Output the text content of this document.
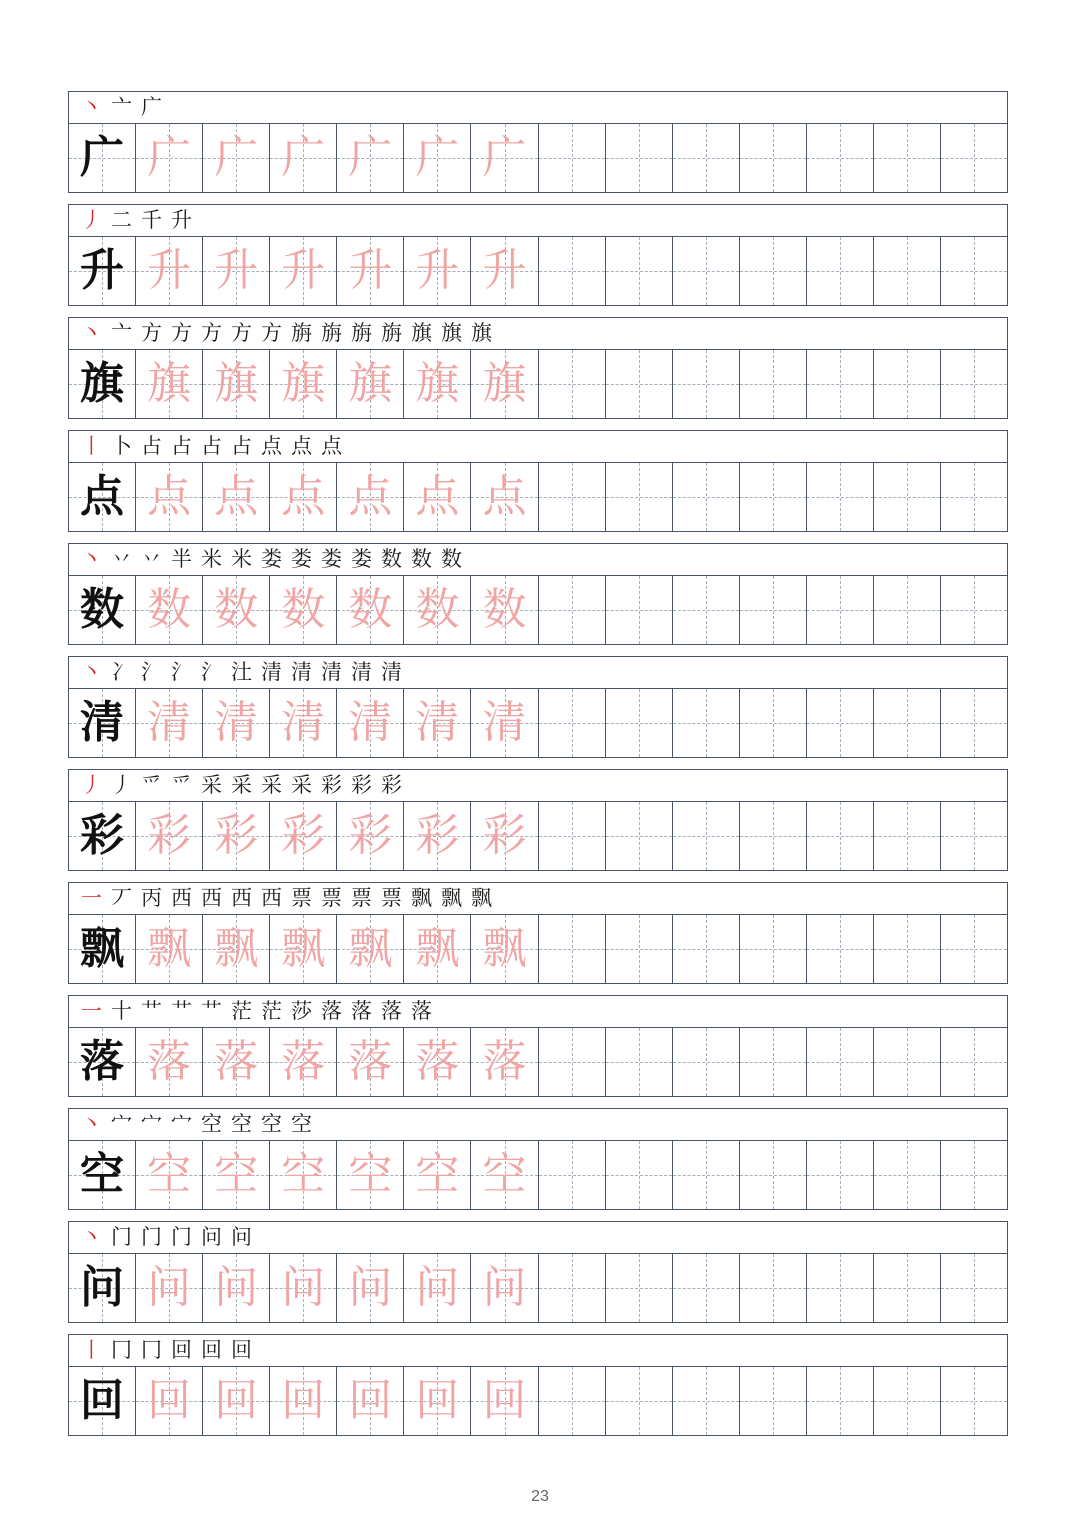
丶 亠 广
广 广 广 广 广 广 广
丿 二 千 升
升 升 升 升 升 升 升
丶 亠 方 方 方 方 方 旃 旃 旃 旃 旗 旗 旗
旗 旗 旗 旗 旗 旗 旗
丨 卜 占 占 占 占 点 点 点
点 点 点 点 点 点 点
丶 丷 丷 半 米 米 娄 娄 娄 娄 数 数 数
数 数 数 数 数 数 数
丶 冫 氵 氵 氵 汢 清 清 清 清 清
清 清 清 清 清 清 清
丿 丿 爫 爫 采 采 采 采 彩 彩 彩
彩 彩 彩 彩 彩 彩 彩
一 丆 丙 西 西 西 西 票 票 票 票 飘 飘 飘
飘 飘 飘 飘 飘 飘 飘
一 十 艹 艹 艹 茫 茫 莎 落 落 落 落
落 落 落 落 落 落 落
丶 宀 宀 宀 空 空 空 空
空 空 空 空 空 空 空
丶 门 门 门 问 问
问 问 问 问 问 问 问
丨 冂 冂 回 回 回
回 回 回 回 回 回 回
23
